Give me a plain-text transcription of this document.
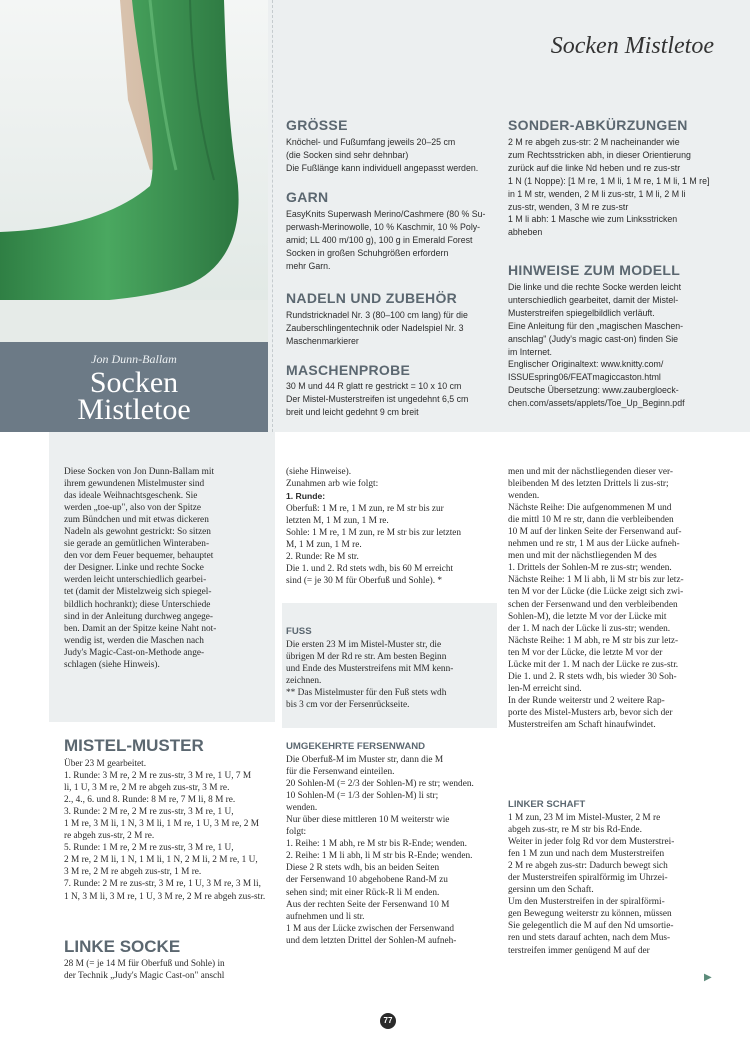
Jon Dunn-Ballam
Socken
Mistletoe
Socken Mistletoe
GRÖSSE
Knöchel- und Fußumfang jeweils 20–25 cm
(die Socken sind sehr dehnbar)
Die Fußlänge kann individuell angepasst werden.
GARN
EasyKnits Superwash Merino/Cashmere (80 % Su-
perwash-Merinowolle, 10 % Kaschmir, 10 % Poly-
amid; LL 400 m/100 g), 100 g in Emerald Forest
Socken in großen Schuhgrößen erfordern
mehr Garn.
NADELN UND ZUBEHÖR
Rundstricknadel Nr. 3 (80–100 cm lang) für die
Zauberschlingentechnik oder Nadelspiel Nr. 3
Maschenmarkierer
MASCHENPROBE
30 M und 44 R glatt re gestrickt = 10 x 10 cm
Der Mistel-Musterstreifen ist ungedehnt 6,5 cm
breit und leicht gedehnt 9 cm breit
SONDER-ABKÜRZUNGEN
2 M re abgeh zus-str: 2 M nacheinander wie
zum Rechtsstricken abh, in dieser Orientierung
zurück auf die linke Nd heben und re zus-str
1 N (1 Noppe): [1 M re, 1 M li, 1 M re, 1 M li, 1 M re]
in 1 M str, wenden, 2 M li zus-str, 1 M li, 2 M li
zus-str, wenden, 3 M re zus-str
1 M li abh: 1 Masche wie zum Linksstricken
abheben
HINWEISE ZUM MODELL
Die linke und die rechte Socke werden leicht
unterschiedlich gearbeitet, damit der Mistel-
Musterstreifen spiegelbildlich verläuft.
Eine Anleitung für den „magischen Maschen-
anschlag" (Judy's magic cast-on) finden Sie
im Internet.
Englischer Originaltext: www.knitty.com/
ISSUEspring06/FEATmagiccaston.html
Deutsche Übersetzung: www.zaubergloeck-
chen.com/assets/applets/Toe_Up_Beginn.pdf
Diese Socken von Jon Dunn-Ballam mit
ihrem gewundenen Mistelmuster sind
das ideale Weihnachtsgeschenk. Sie
werden „toe-up", also von der Spitze
zum Bündchen und mit etwas dickeren
Nadeln als gewohnt gestrickt: So sitzen
sie gerade an gemütlichen Winteraben-
den vor dem Feuer bequemer, behauptet
der Designer. Linke und rechte Socke
werden leicht unterschiedlich gearbei-
tet (damit der Mistelzweig sich spiegel-
bildlich hochrankt); diese Unterschiede
sind in der Anleitung durchweg angege-
ben. Damit an der Spitze keine Naht not-
wendig ist, werden die Maschen nach
Judy's Magic-Cast-on-Methode ange-
schlagen (siehe Hinweis).
MISTEL-MUSTER
Über 23 M gearbeitet.
1. Runde: 3 M re, 2 M re zus-str, 3 M re, 1 U, 7 M
li, 1 U, 3 M re, 2 M re abgeh zus-str, 3 M re.
2., 4., 6. und 8. Runde: 8 M re, 7 M li, 8 M re.
3. Runde: 2 M re, 2 M re zus-str, 3 M re, 1 U,
1 M re, 3 M li, 1 N, 3 M li, 1 M re, 1 U, 3 M re, 2 M
re abgeh zus-str, 2 M re.
5. Runde: 1 M re, 2 M re zus-str, 3 M re, 1 U,
2 M re, 2 M li, 1 N, 1 M li, 1 N, 2 M li, 2 M re, 1 U,
3 M re, 2 M re abgeh zus-str, 1 M re.
7. Runde: 2 M re zus-str, 3 M re, 1 U, 3 M re, 3 M li,
1 N, 3 M li, 3 M re, 1 U, 3 M re, 2 M re abgeh zus-str.
LINKE SOCKE
28 M (= je 14 M für Oberfuß und Sohle) in
der Technik „Judy's Magic Cast-on" anschl
(siehe Hinweise).
Zunahmen arb wie folgt:
1. Runde:
Oberfuß: 1 M re, 1 M zun, re M str bis zur
letzten M, 1 M zun, 1 M re.
Sohle: 1 M re, 1 M zun, re M str bis zur letzten
M, 1 M zun, 1 M re.
2. Runde: Re M str.
Die 1. und 2. Rd stets wdh, bis 60 M erreicht
sind (= je 30 M für Oberfuß und Sohle). *
FUSS
Die ersten 23 M im Mistel-Muster str, die
übrigen M der Rd re str. Am besten Beginn
und Ende des Musterstreifens mit MM kenn-
zeichnen.
** Das Mistelmuster für den Fuß stets wdh
bis 3 cm vor der Fersenrückseite.
UMGEKEHRTE FERSENWAND
Die Oberfuß-M im Muster str, dann die M
für die Fersenwand einteilen.
20 Sohlen-M (= 2/3 der Sohlen-M) re str; wenden.
10 Sohlen-M (= 1/3 der Sohlen-M) li str;
wenden.
Nur über diese mittleren 10 M weiterstr wie
folgt:
1. Reihe: 1 M abh, re M str bis R-Ende; wenden.
2. Reihe: 1 M li abh, li M str bis R-Ende; wenden.
Diese 2 R stets wdh, bis an beiden Seiten
der Fersenwand 10 abgehobene Rand-M zu
sehen sind; mit einer Rück-R li M enden.
Aus der rechten Seite der Fersenwand 10 M
aufnehmen und li str.
1 M aus der Lücke zwischen der Fersenwand
und dem letzten Drittel der Sohlen-M aufneh-
men und mit der nächstliegenden dieser ver-
bleibenden M des letzten Drittels li zus-str;
wenden.
Nächste Reihe: Die aufgenommenen M und
die mittl 10 M re str, dann die verbleibenden
10 M auf der linken Seite der Fersenwand auf-
nehmen und re str, 1 M aus der Lücke aufneh-
men und mit der nächstliegenden M des
1. Drittels der Sohlen-M re zus-str; wenden.
Nächste Reihe: 1 M li abh, li M str bis zur letz-
ten M vor der Lücke (die Lücke zeigt sich zwi-
schen der Fersenwand und den verbleibenden
Sohlen-M), die letzte M vor der Lücke mit
der 1. M nach der Lücke li zus-str; wenden.
Nächste Reihe: 1 M abh, re M str bis zur letz-
ten M vor der Lücke, die letzte M vor der
Lücke mit der 1. M nach der Lücke re zus-str.
Die 1. und 2. R stets wdh, bis wieder 30 Soh-
len-M erreicht sind.
In der Runde weiterstr und 2 weitere Rap-
porte des Mistel-Musters arb, bevor sich der
Musterstreifen am Schaft hinaufwindet.
LINKER SCHAFT
1 M zun, 23 M im Mistel-Muster, 2 M re
abgeh zus-str, re M str bis Rd-Ende.
Weiter in jeder folg Rd vor dem Musterstrei-
fen 1 M zun und nach dem Musterstreifen
2 M re abgeh zus-str: Dadurch bewegt sich
der Musterstreifen spiralförmig im Uhrzei-
gersinn um den Schaft.
Um den Musterstreifen in der spiralförmi-
gen Bewegung weiterstr zu können, müssen
Sie gelegentlich die M auf den Nd umsortie-
ren und stets darauf achten, nach dem Mus-
terstreifen immer genügend M auf der
▶
77
